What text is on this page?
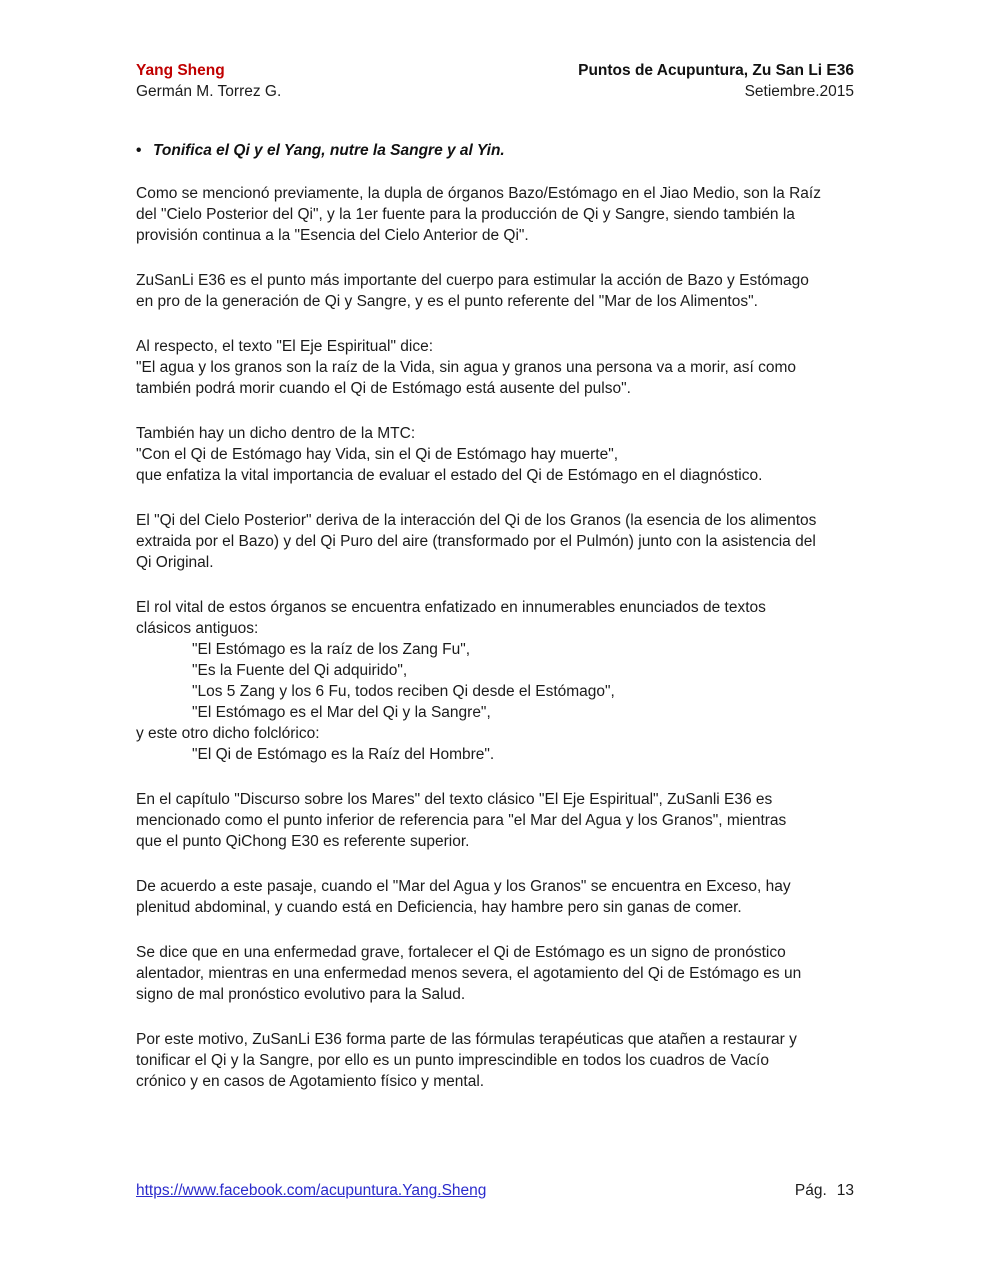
Yang Sheng
Germán M. Torrez G.
Puntos de Acupuntura, Zu San Li E36
Setiembre.2015
• Tonifica el Qi y el Yang, nutre la Sangre y al Yin.
Como se mencionó previamente, la dupla de órganos Bazo/Estómago en el Jiao Medio, son la Raíz
del "Cielo Posterior del Qi", y la 1er fuente para la producción de Qi y Sangre, siendo también la
provisión continua a la "Esencia del Cielo Anterior de Qi".
ZuSanLi E36 es el punto más importante del cuerpo para estimular la acción de Bazo y Estómago
en pro de la generación de Qi y Sangre, y es el punto referente del "Mar de los Alimentos".
Al respecto, el texto "El Eje Espiritual" dice:
"El agua y los granos son la raíz de la Vida, sin agua y granos una persona va a morir, así como
también podrá morir cuando el Qi de Estómago está ausente del pulso".
También hay un dicho dentro de la MTC:
"Con el Qi de Estómago hay Vida, sin el Qi de Estómago hay muerte",
que enfatiza la vital importancia de evaluar el estado del Qi de Estómago en el diagnóstico.
El "Qi del Cielo Posterior" deriva de la interacción del Qi de los Granos (la esencia de los alimentos
extraida por el Bazo) y del Qi Puro del aire (transformado por el Pulmón) junto con la asistencia del
Qi Original.
El rol vital de estos órganos se encuentra enfatizado en innumerables enunciados de textos
clásicos antiguos:
"El Estómago es la raíz de los Zang Fu",
"Es la Fuente del Qi adquirido",
"Los 5 Zang y los 6 Fu, todos reciben Qi desde el Estómago",
"El Estómago es el Mar del Qi y la Sangre",
y este otro dicho folclórico:
"El Qi de Estómago es la Raíz del Hombre".
En el capítulo "Discurso sobre los Mares" del texto clásico "El Eje Espiritual", ZuSanli E36 es
mencionado como el punto inferior de referencia para "el Mar del Agua y los Granos", mientras
que el punto QiChong E30 es referente superior.
De acuerdo a este pasaje, cuando el "Mar del Agua y los Granos" se encuentra en Exceso, hay
plenitud abdominal, y cuando está en Deficiencia, hay hambre pero sin ganas de comer.
Se dice que en una enfermedad grave, fortalecer el Qi de Estómago es un signo de pronóstico
alentador, mientras en una enfermedad menos severa, el agotamiento del Qi de Estómago es un
signo de mal pronóstico evolutivo para la Salud.
Por este motivo, ZuSanLi E36 forma parte de las fórmulas terapéuticas que atañen a restaurar y
tonificar el Qi y la Sangre, por ello es un punto imprescindible en todos los cuadros de Vacío
crónico y en casos de Agotamiento físico y mental.
https://www.facebook.com/acupuntura.Yang.Sheng	Pág. 13
